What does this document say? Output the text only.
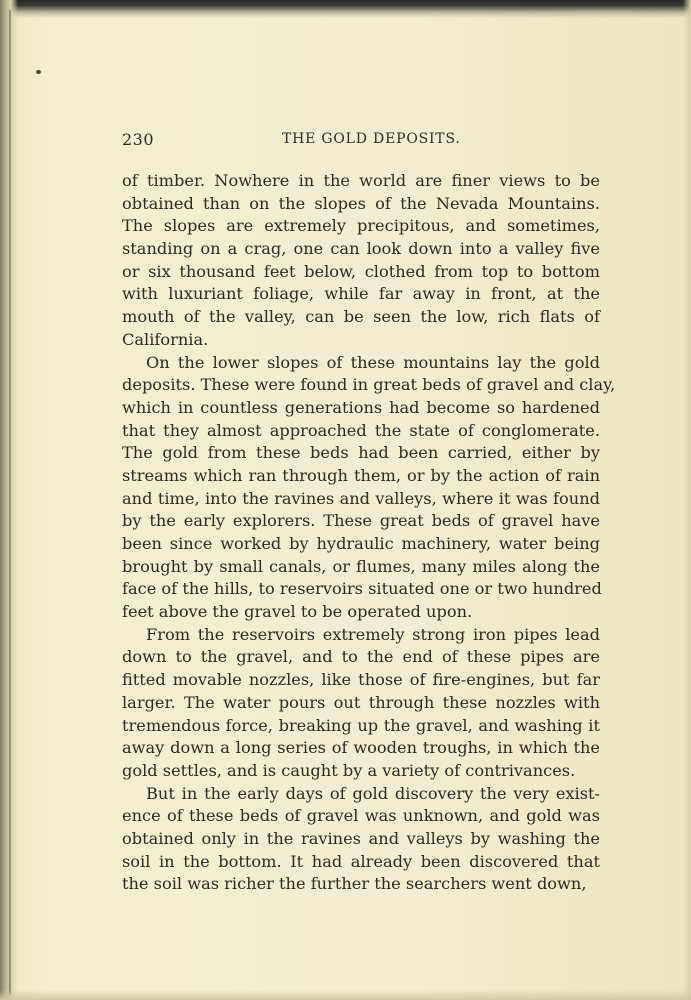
230	THE GOLD DEPOSITS.
of timber. Nowhere in the world are finer views to be
obtained than on the slopes of the Nevada Mountains.
The slopes are extremely precipitous, and sometimes,
standing on a crag, one can look down into a valley five
or six thousand feet below, clothed from top to bottom
with luxuriant foliage, while far away in front, at the
mouth of the valley, can be seen the low, rich flats of
California.
On the lower slopes of these mountains lay the gold
deposits. These were found in great beds of gravel and clay,
which in countless generations had become so hardened
that they almost approached the state of conglomerate.
The gold from these beds had been carried, either by
streams which ran through them, or by the action of rain
and time, into the ravines and valleys, where it was found
by the early explorers. These great beds of gravel have
been since worked by hydraulic machinery, water being
brought by small canals, or flumes, many miles along the
face of the hills, to reservoirs situated one or two hundred
feet above the gravel to be operated upon.
From the reservoirs extremely strong iron pipes lead
down to the gravel, and to the end of these pipes are
fitted movable nozzles, like those of fire-engines, but far
larger. The water pours out through these nozzles with
tremendous force, breaking up the gravel, and washing it
away down a long series of wooden troughs, in which the
gold settles, and is caught by a variety of contrivances.
But in the early days of gold discovery the very exist-
ence of these beds of gravel was unknown, and gold was
obtained only in the ravines and valleys by washing the
soil in the bottom. It had already been discovered that
the soil was richer the further the searchers went down,
